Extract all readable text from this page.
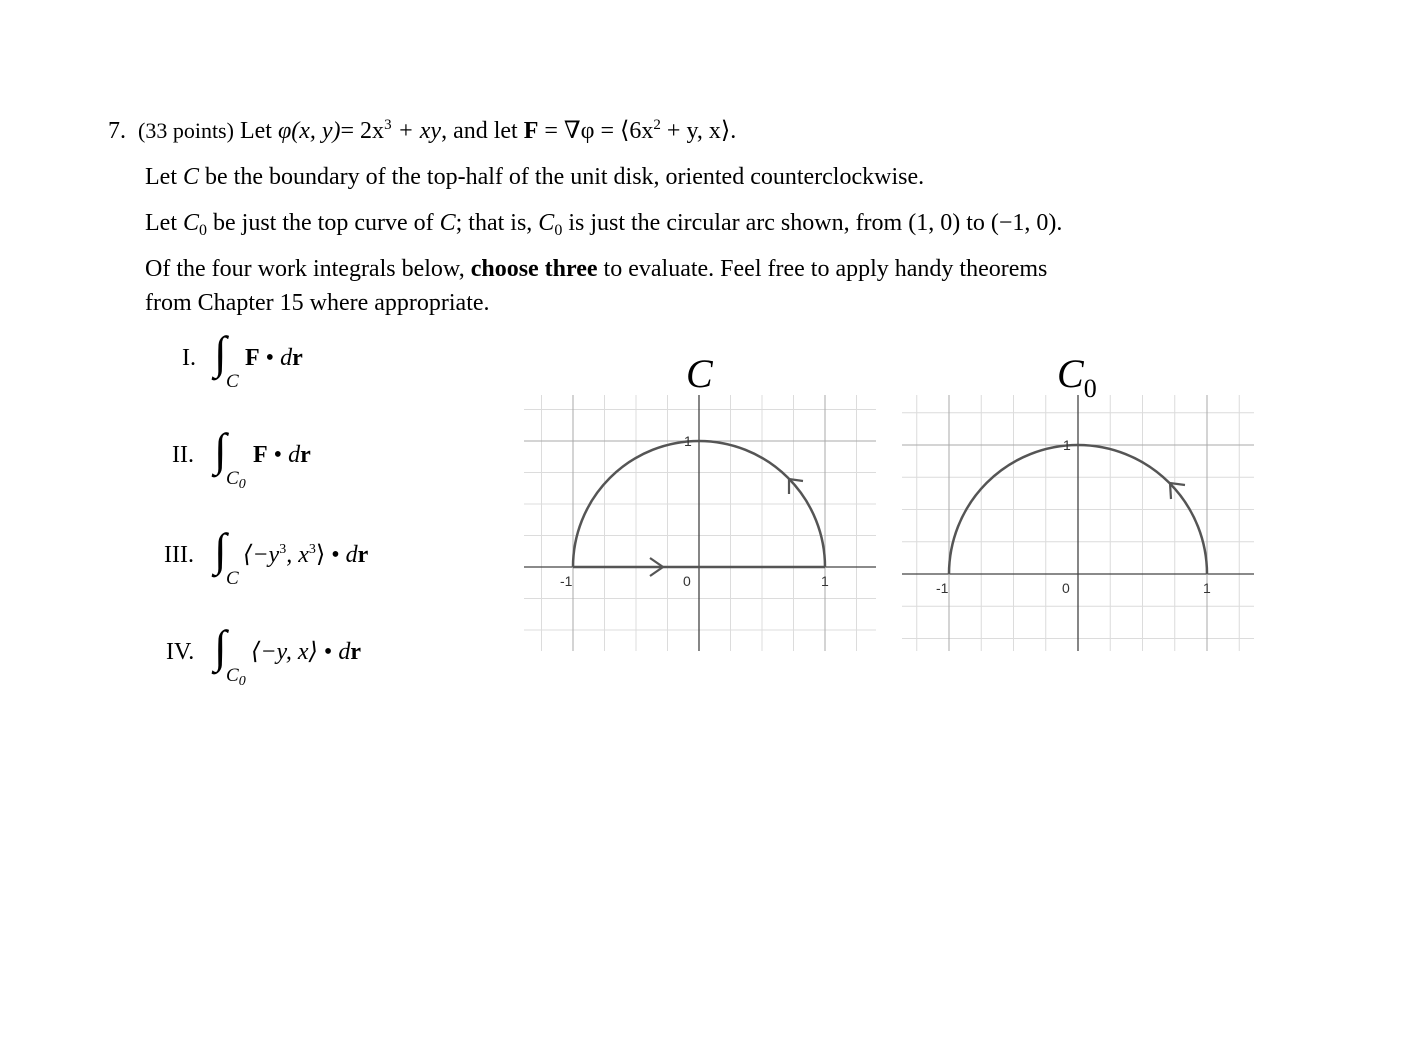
7. (33 points) Let φ(x, $y)= 2x^3$ + xy, and let $F = \nabla\varphi = ⟨6x^2 + y$, x⟩.
Let C be the boundary of the top-half of the unit disk, oriented counterclockwise.
Let $C_0$ be just the top curve of C; that is, $C_0$ is just the circular arc shown, from (1, 0) to (−1, 0).
Of the four work integrals below, choose three to evaluate. Feel free to apply handy theorems
from Chapter 15 where appropriate.
I. ∫
C
F • dr
II. ∫
$C_0$
F • dr
III. ∫
C
$⟨-y^3$, $x^3⟩$ • dr
IV. ∫
$C_0$
⟨−y, x⟩ • dr
C	$C_0$
-1	0	1
1
-1	0	1
1
